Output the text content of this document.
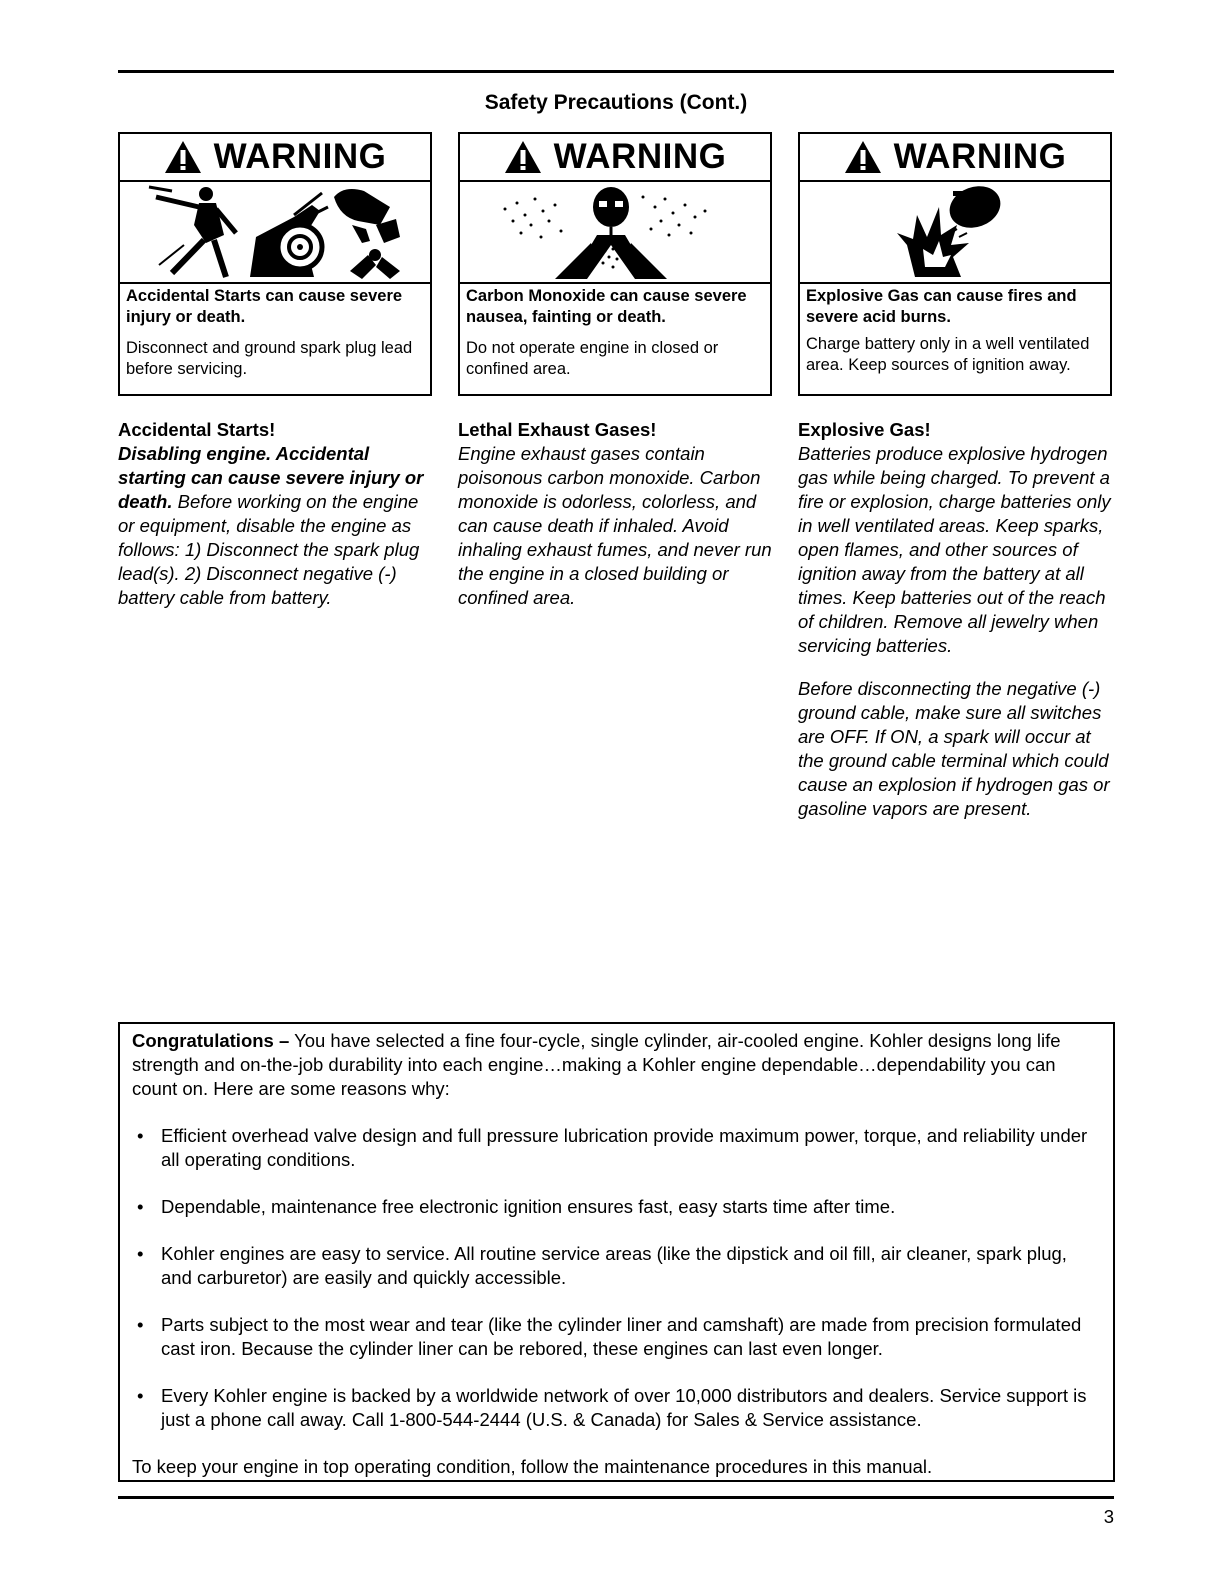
Safety Precautions (Cont.)
WARNING
Accidental Starts can cause severe injury or death.
Disconnect and ground spark plug lead before servicing.
WARNING
Carbon Monoxide can cause severe nausea, fainting or death.
Do not operate engine in closed or confined area.
WARNING
Explosive Gas can cause fires and severe acid burns.
Charge battery only in a well ventilated area. Keep sources of ignition away.
Accidental Starts!
Disabling engine. Accidental starting can cause severe injury or death. Before working on the engine or equipment, disable the engine as follows: 1) Disconnect the spark plug lead(s). 2) Disconnect negative (-) battery cable from battery.
Lethal Exhaust Gases!
Engine exhaust gases contain poisonous carbon monoxide. Carbon monoxide is odorless, colorless, and can cause death if inhaled. Avoid inhaling exhaust fumes, and never run the engine in a closed building or confined area.
Explosive Gas!
Batteries produce explosive hydrogen gas while being charged. To prevent a fire or explosion, charge batteries only in well ventilated areas. Keep sparks, open flames, and other sources of ignition away from the battery at all times. Keep batteries out of the reach of children. Remove all jewelry when servicing batteries.
Before disconnecting the negative (-) ground cable, make sure all switches are OFF. If ON, a spark will occur at the ground cable terminal which could cause an explosion if hydrogen gas or gasoline vapors are present.
Congratulations – You have selected a fine four-cycle, single cylinder, air-cooled engine. Kohler designs long life strength and on-the-job durability into each engine…making a Kohler engine dependable…dependability you can count on. Here are some reasons why:
• Efficient overhead valve design and full pressure lubrication provide maximum power, torque, and reliability under all operating conditions.
• Dependable, maintenance free electronic ignition ensures fast, easy starts time after time.
• Kohler engines are easy to service. All routine service areas (like the dipstick and oil fill, air cleaner, spark plug, and carburetor) are easily and quickly accessible.
• Parts subject to the most wear and tear (like the cylinder liner and camshaft) are made from precision formulated cast iron. Because the cylinder liner can be rebored, these engines can last even longer.
• Every Kohler engine is backed by a worldwide network of over 10,000 distributors and dealers. Service support is just a phone call away. Call 1-800-544-2444 (U.S. & Canada) for Sales & Service assistance.
To keep your engine in top operating condition, follow the maintenance procedures in this manual.
3
